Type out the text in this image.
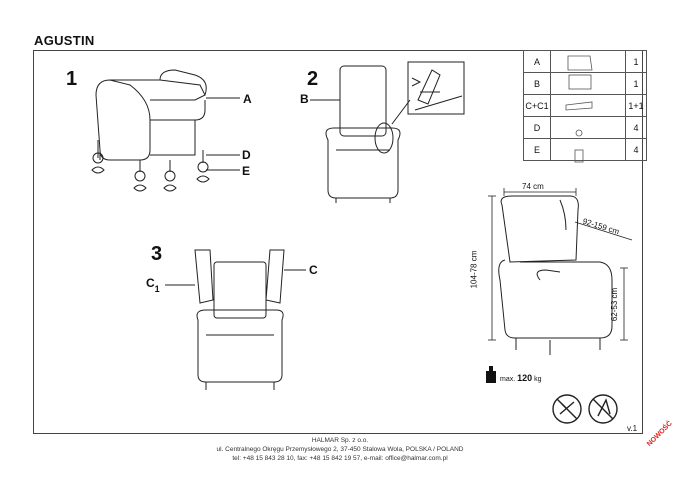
AGUSTIN
1	2
3
A
D
E
B
C
$C_1$
A		1
B		1
C+C1		1+1
D		4
E		4
74 cm
92-159 cm
104-78 cm
62-53 cm
max. 120 kg
v.1
HALMAR Sp. z o.o.
ul. Centralnego Okręgu Przemysłowego 2, 37-450 Stalowa Wola, POLSKA / POLAND
tel: +48 15 843 28 10, fax: +48 15 842 19 57, e-mail: office@halmar.com.pl
NOWOŚĆ
